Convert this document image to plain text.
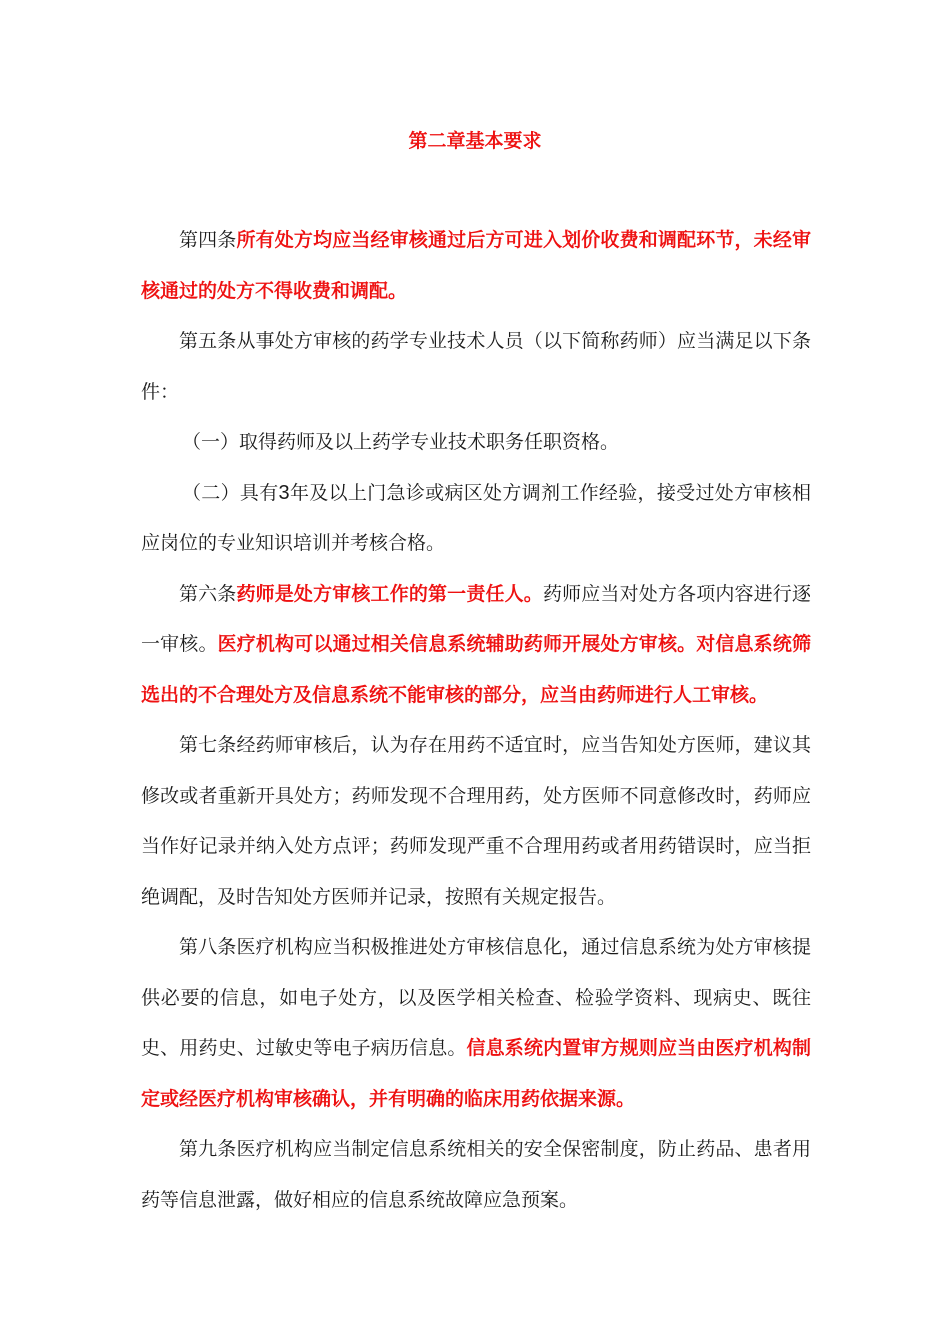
第二章基本要求

第四条所有处方均应当经审核通过后方可进入划价收费和调配环节，未经审核通过的处方不得收费和调配。

第五条从事处方审核的药学专业技术人员（以下简称药师）应当满足以下条件：

（一）取得药师及以上药学专业技术职务任职资格。

（二）具有3年及以上门急诊或病区处方调剂工作经验，接受过处方审核相应岗位的专业知识培训并考核合格。

第六条药师是处方审核工作的第一责任人。药师应当对处方各项内容进行逐一审核。医疗机构可以通过相关信息系统辅助药师开展处方审核。对信息系统筛选出的不合理处方及信息系统不能审核的部分，应当由药师进行人工审核。

第七条经药师审核后，认为存在用药不适宜时，应当告知处方医师，建议其修改或者重新开具处方；药师发现不合理用药，处方医师不同意修改时，药师应当作好记录并纳入处方点评；药师发现严重不合理用药或者用药错误时，应当拒绝调配，及时告知处方医师并记录，按照有关规定报告。

第八条医疗机构应当积极推进处方审核信息化，通过信息系统为处方审核提供必要的信息，如电子处方，以及医学相关检查、检验学资料、现病史、既往史、用药史、过敏史等电子病历信息。信息系统内置审方规则应当由医疗机构制定或经医疗机构审核确认，并有明确的临床用药依据来源。

第九条医疗机构应当制定信息系统相关的安全保密制度，防止药品、患者用药等信息泄露，做好相应的信息系统故障应急预案。
